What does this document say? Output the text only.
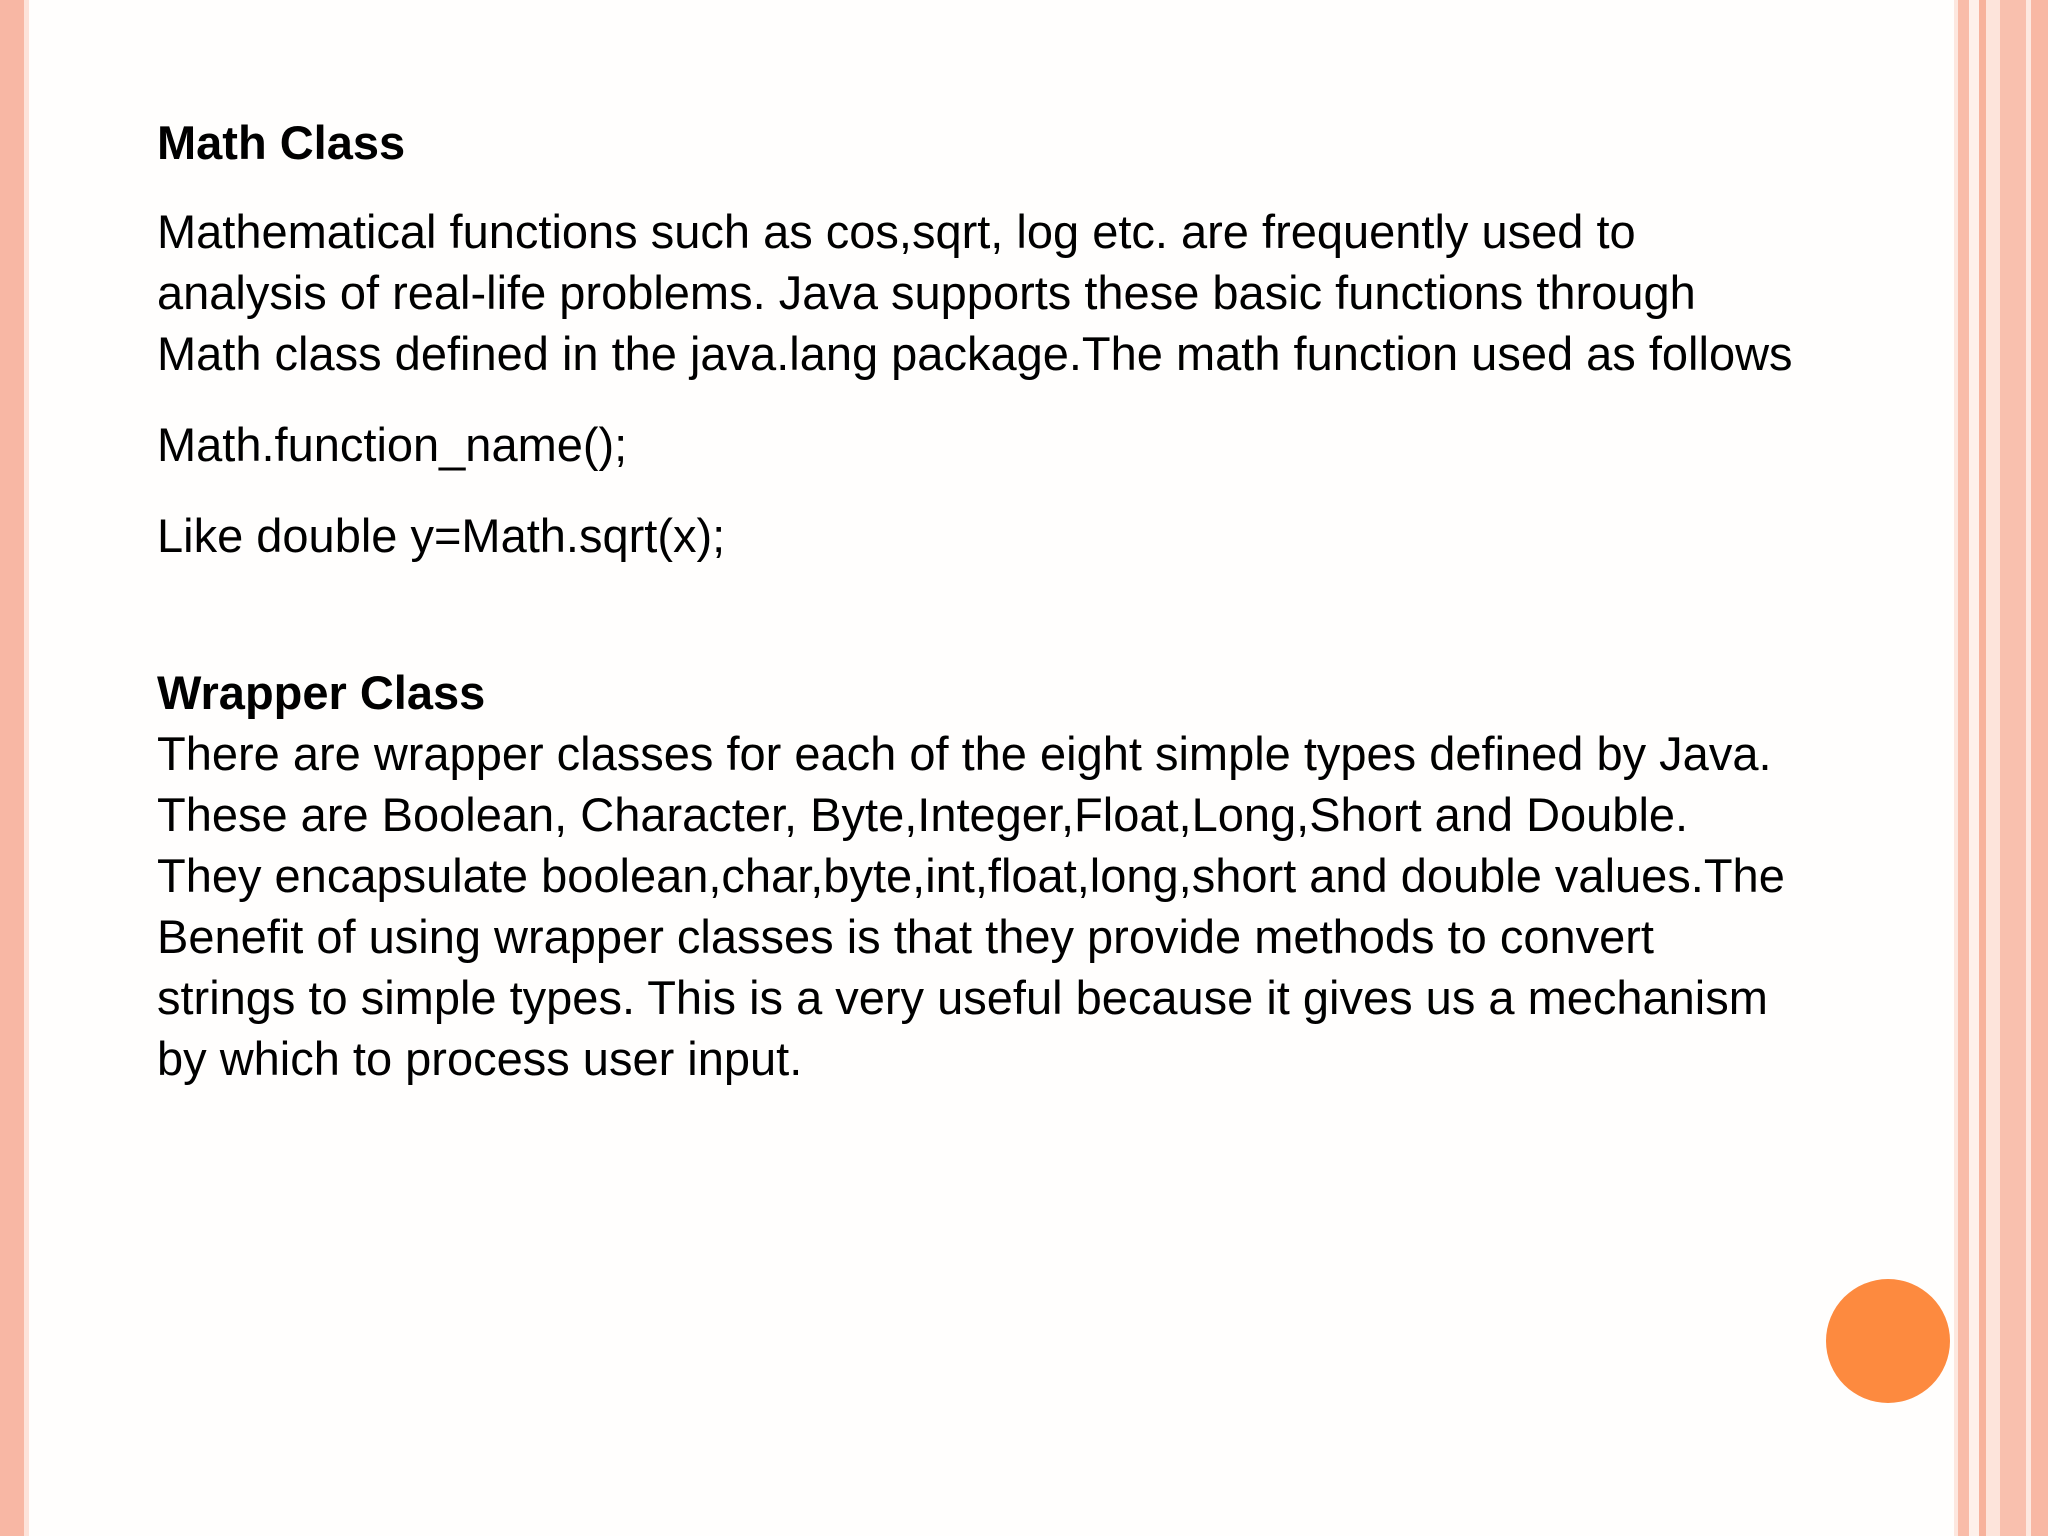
Math Class

Mathematical functions such as cos,sqrt, log etc. are frequently used to
analysis of real-life problems. Java supports these basic functions through
Math class defined in the java.lang package.The math function used as follows

Math.function_name();

Like double y=Math.sqrt(x);

Wrapper Class

There are wrapper classes for each of the eight simple types defined by Java.
These are Boolean, Character, Byte,Integer,Float,Long,Short and Double.
They encapsulate boolean,char,byte,int,float,long,short and double values.The
Benefit of using wrapper classes is that they provide methods to convert
strings to simple types. This is a very useful because it gives us a mechanism
by which to process user input.
